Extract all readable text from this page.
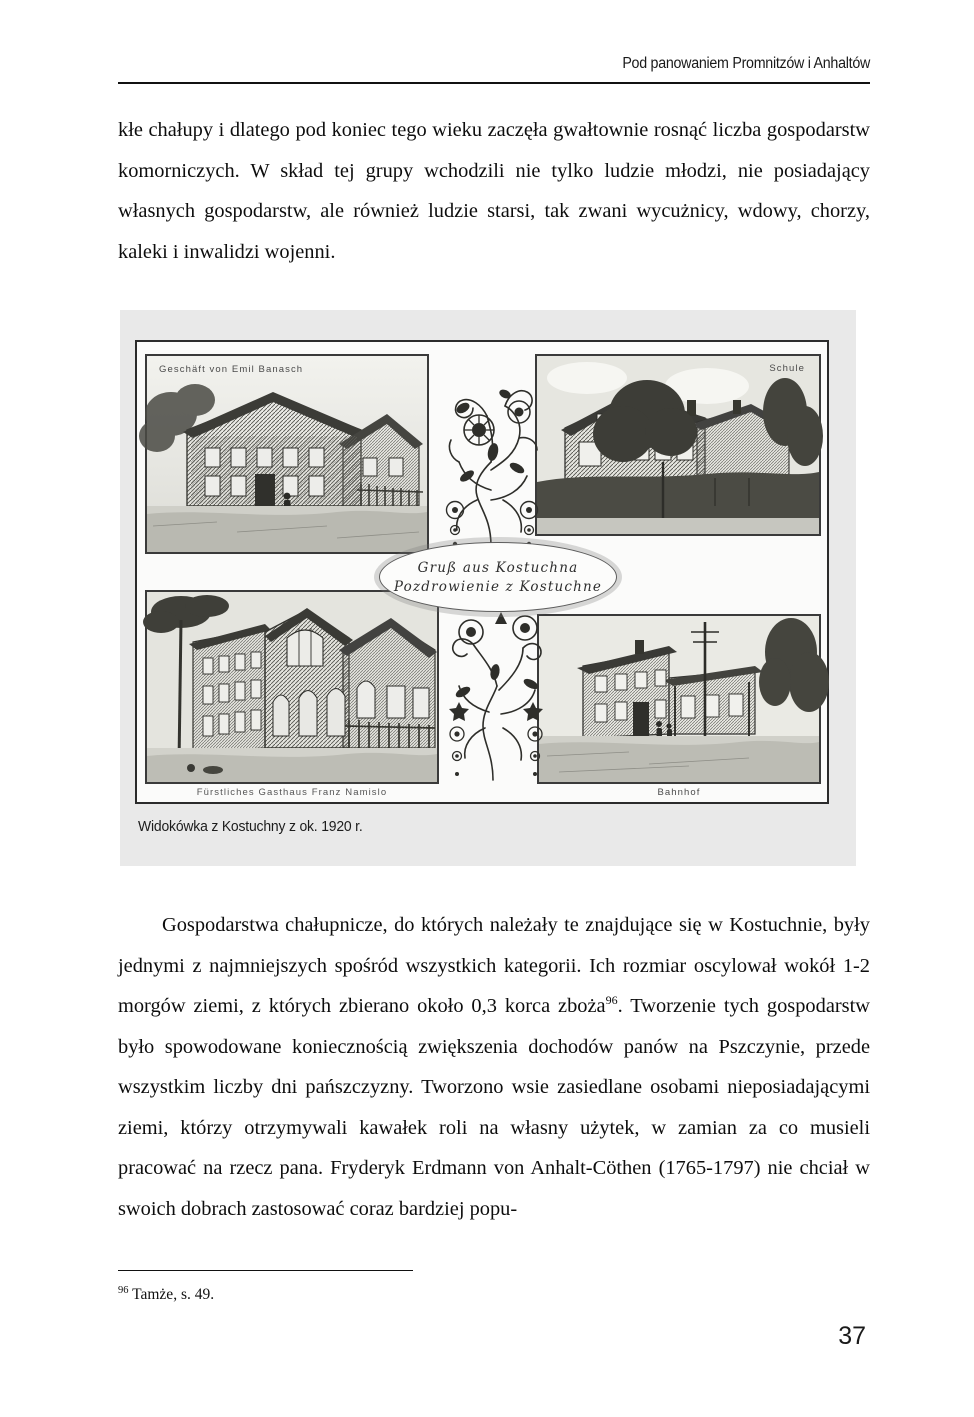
Pod panowaniem Promnitzów i Anhaltów

kłe chałupy i dlatego pod koniec tego wieku zaczęła gwałtownie rosnąć liczba gospodarstw komorniczych. W skład tej grupy wchodzili nie tylko ludzie młodzi, nie posiadający własnych gospodarstw, ale również ludzie starsi, tak zwani wycużnicy, wdowy, chorzy, kaleki i inwalidzi wojenni.

Geschäft von Emil Banasch	Schule
Fürstliches Gasthaus Franz Namislo	Bahnhof
Gruß aus Kostuchna
Pozdrowienie z Kostuchne
Widokówka z Kostuchny z ok. 1920 r.

Gospodarstwa chałupnicze, do których należały te znajdujące się w Kostuchnie, były jednymi z najmniejszych spośród wszystkich kategorii. Ich rozmiar oscylował wokół 1-2 morgów ziemi, z których zbierano około 0,3 korca zboża$^{96}$. Tworzenie tych gospodarstw było spowodowane koniecznością zwiększenia dochodów panów na Pszczynie, przede wszystkim liczby dni pańszczyzny. Tworzono wsie zasiedlane osobami nieposiadającymi ziemi, którzy otrzymywali kawałek roli na własny użytek, w zamian za co musieli pracować na rzecz pana. Fryderyk Erdmann von Anhalt-Cöthen (1765-1797) nie chciał w swoich dobrach zastosować coraz bardziej popu-

$^{96}$ Tamże, s. 49.
37
